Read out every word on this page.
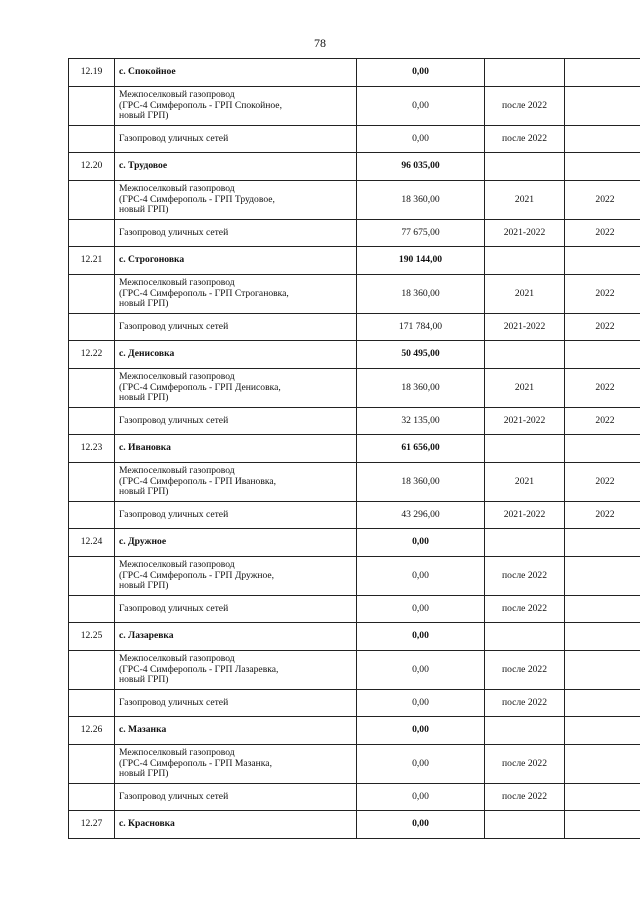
78
12.19	с. Спокойное	0,00		
	Межпоселковый газопровод
(ГРС-4 Симферополь - ГРП Спокойное,
новый ГРП)	0,00	после 2022	
	Газопровод уличных сетей	0,00	после 2022	
12.20	с. Трудовое	96 035,00		
	Межпоселковый газопровод
(ГРС-4 Симферополь - ГРП Трудовое,
новый ГРП)	18 360,00	2021	2022
	Газопровод уличных сетей	77 675,00	2021-2022	2022
12.21	с. Строгоновка	190 144,00		
	Межпоселковый газопровод
(ГРС-4 Симферополь - ГРП Строгановка,
новый ГРП)	18 360,00	2021	2022
	Газопровод уличных сетей	171 784,00	2021-2022	2022
12.22	с. Денисовка	50 495,00		
	Межпоселковый газопровод
(ГРС-4 Симферополь - ГРП Денисовка,
новый ГРП)	18 360,00	2021	2022
	Газопровод уличных сетей	32 135,00	2021-2022	2022
12.23	с. Ивановка	61 656,00		
	Межпоселковый газопровод
(ГРС-4 Симферополь - ГРП Ивановка,
новый ГРП)	18 360,00	2021	2022
	Газопровод уличных сетей	43 296,00	2021-2022	2022
12.24	с. Дружное	0,00		
	Межпоселковый газопровод
(ГРС-4 Симферополь - ГРП Дружное,
новый ГРП)	0,00	после 2022	
	Газопровод уличных сетей	0,00	после 2022	
12.25	с. Лазаревка	0,00		
	Межпоселковый газопровод
(ГРС-4 Симферополь - ГРП Лазаревка,
новый ГРП)	0,00	после 2022	
	Газопровод уличных сетей	0,00	после 2022	
12.26	с. Мазанка	0,00		
	Межпоселковый газопровод
(ГРС-4 Симферополь - ГРП Мазанка,
новый ГРП)	0,00	после 2022	
	Газопровод уличных сетей	0,00	после 2022	
12.27	с. Красновка	0,00		
